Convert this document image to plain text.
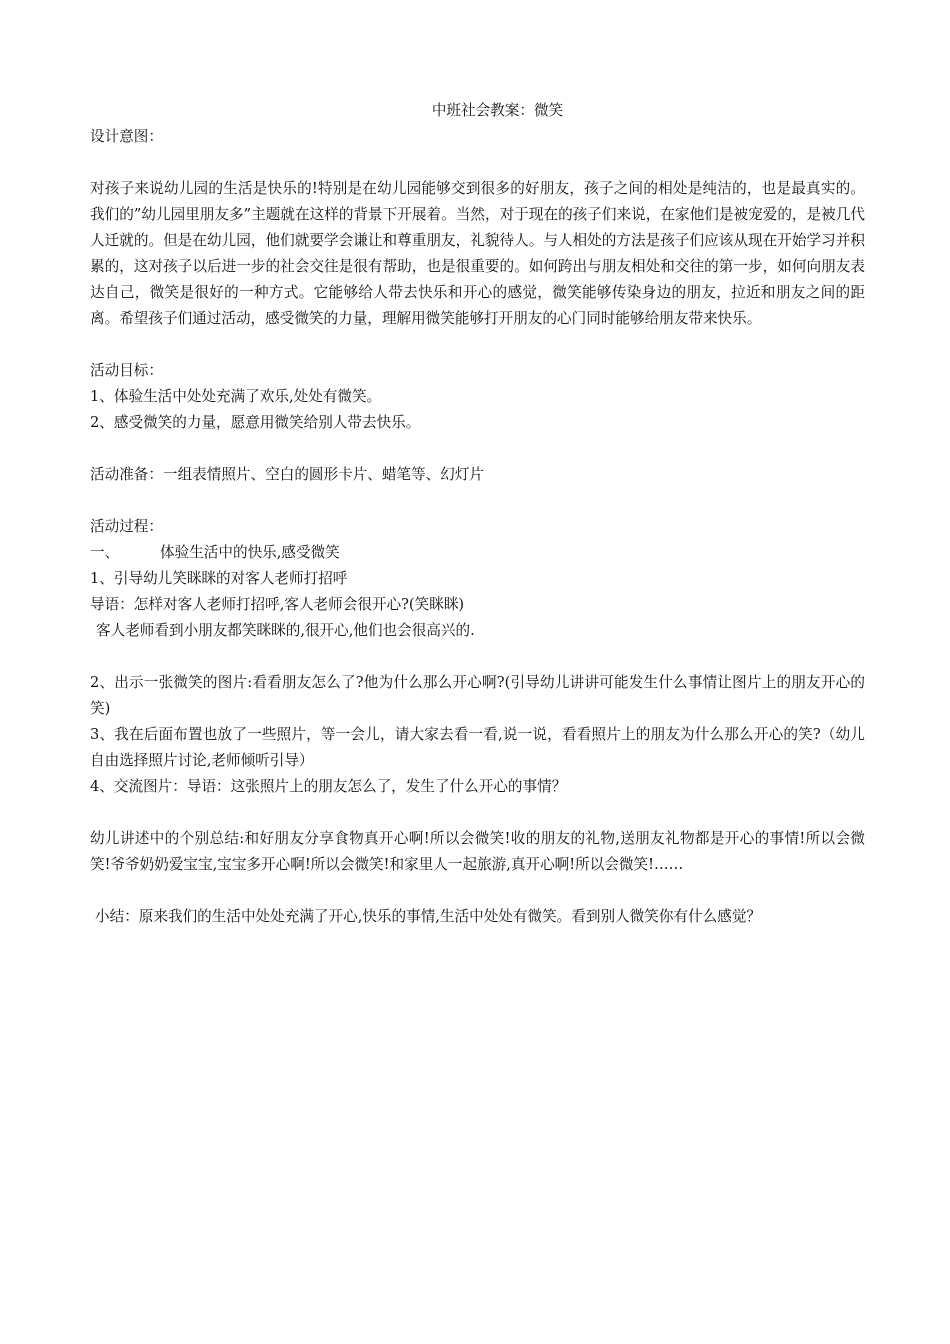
中班社会教案：微笑

设计意图：

对孩子来说幼儿园的生活是快乐的!特别是在幼儿园能够交到很多的好朋友，孩子之间的相处是纯洁的，也是最真实的。我们的”幼儿园里朋友多”主题就在这样的背景下开展着。当然，对于现在的孩子们来说，在家他们是被宠爱的，是被几代人迁就的。但是在幼儿园，他们就要学会谦让和尊重朋友，礼貌待人。与人相处的方法是孩子们应该从现在开始学习并积累的，这对孩子以后进一步的社会交往是很有帮助，也是很重要的。如何跨出与朋友相处和交往的第一步，如何向朋友表达自己，微笑是很好的一种方式。它能够给人带去快乐和开心的感觉，微笑能够传染身边的朋友，拉近和朋友之间的距离。希望孩子们通过活动，感受微笑的力量，理解用微笑能够打开朋友的心门同时能够给朋友带来快乐。

活动目标：

1、体验生活中处处充满了欢乐,处处有微笑。

2、感受微笑的力量，愿意用微笑给别人带去快乐。

活动准备：一组表情照片、空白的圆形卡片、蜡笔等、幻灯片

活动过程：

一、	体验生活中的快乐,感受微笑

1、引导幼儿笑眯眯的对客人老师打招呼

导语：怎样对客人老师打招呼,客人老师会很开心?(笑眯眯)

客人老师看到小朋友都笑眯眯的,很开心,他们也会很高兴的.

2、出示一张微笑的图片:看看朋友怎么了?他为什么那么开心啊?(引导幼儿讲讲可能发生什么事情让图片上的朋友开心的笑)

3、我在后面布置也放了一些照片，等一会儿，请大家去看一看,说一说，看看照片上的朋友为什么那么开心的笑?（幼儿自由选择照片讨论,老师倾听引导）

4、交流图片：导语：这张照片上的朋友怎么了，发生了什么开心的事情？

幼儿讲述中的个别总结:和好朋友分享食物真开心啊!所以会微笑!收的朋友的礼物,送朋友礼物都是开心的事情!所以会微笑!爷爷奶奶爱宝宝,宝宝多开心啊!所以会微笑!和家里人一起旅游,真开心啊!所以会微笑!……

小结：原来我们的生活中处处充满了开心,快乐的事情,生活中处处有微笑。看到别人微笑你有什么感觉？
